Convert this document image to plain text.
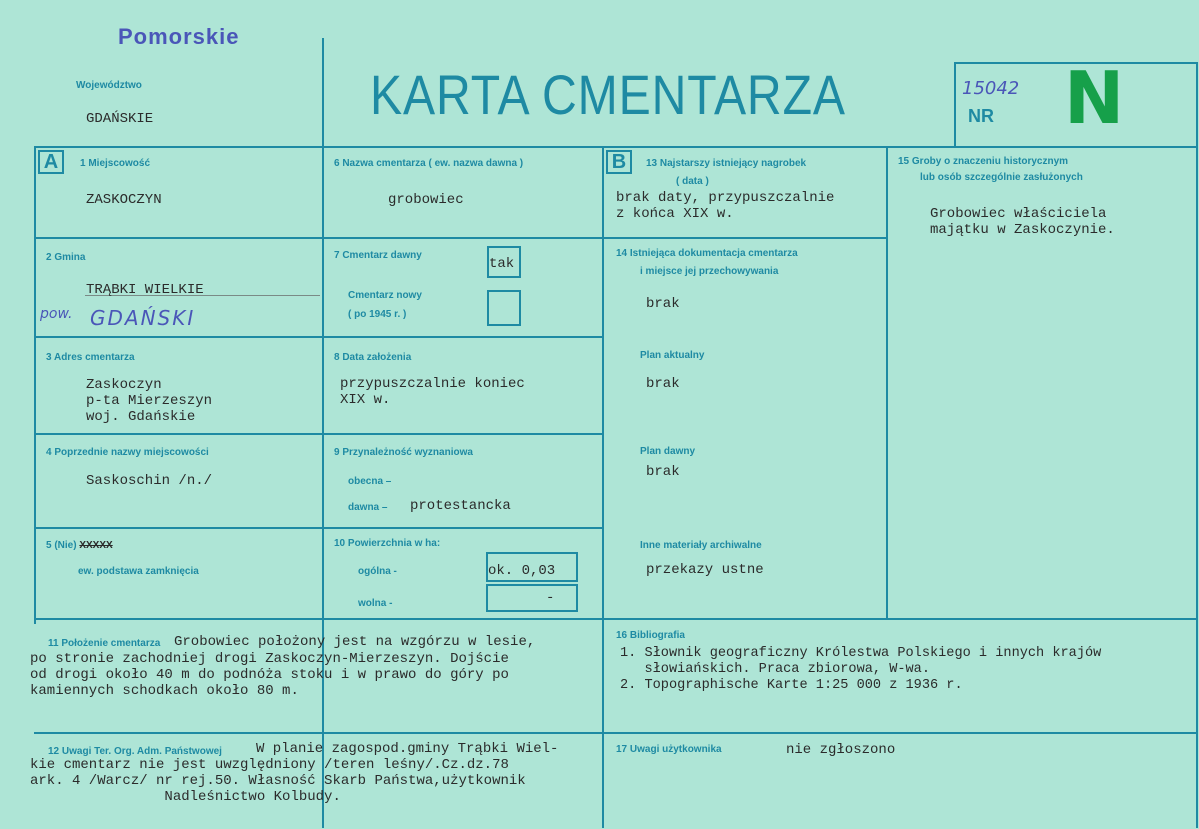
Pomorskie
Województwo
GDAŃSKIE	KARTA CMENTARZA	15042
NR N
A	B
1 Miejscowość
ZASKOCZYN
2 Gmina
TRĄBKI WIELKIE
pow. GDAŃSKI
3 Adres cmentarza
Zaskoczyn
p-ta Mierzeszyn
woj. Gdańskie
4 Poprzednie nazwy miejscowości
Saskoschin /n./
5 (Nie) XXXXX
ew. podstawa zamknięcia
6 Nazwa cmentarza ( ew. nazwa dawna )
grobowiec
7 Cmentarz dawny
tak
Cmentarz nowy
( po 1945 r. )
8 Data założenia
przypuszczalnie koniec
XIX w.
9 Przynależność wyznaniowa
obecna –
dawna – protestancka
10 Powierzchnia w ha:
ogólna -	ok. 0,03
wolna -	-
13 Najstarszy istniejący nagrobek
( data )
brak daty, przypuszczalnie
z końca XIX w.
14 Istniejąca dokumentacja cmentarza
i miejsce jej przechowywania
brak
Plan aktualny
brak
Plan dawny
brak
Inne materiały archiwalne
przekazy ustne
15 Groby o znaczeniu historycznym
lub osób szczególnie zasłużonych
Grobowiec właściciela
majątku w Zaskoczynie.
11 Położenie cmentarza Grobowiec położony jest na wzgórzu w lesie,
po stronie zachodniej drogi Zaskoczyn-Mierzeszyn. Dojście
od drogi około 40 m do podnóża stoku i w prawo do góry po
kamiennych schodkach około 80 m.
16 Bibliografia
1. Słownik geograficzny Królestwa Polskiego i innych krajów
słowiańskich. Praca zbiorowa, W-wa.
2. Topographische Karte 1:25 000 z 1936 r.
12 Uwagi Ter. Org. Adm. Państwowej W planie zagospod.gminy Trąbki Wiel-
kie cmentarz nie jest uwzględniony /teren leśny/.Cz.dz.78
ark. 4 /Warcz/ nr rej.50. Własność Skarb Państwa,użytkownik
Nadleśnictwo Kolbudy.
17 Uwagi użytkownika	nie zgłoszono
